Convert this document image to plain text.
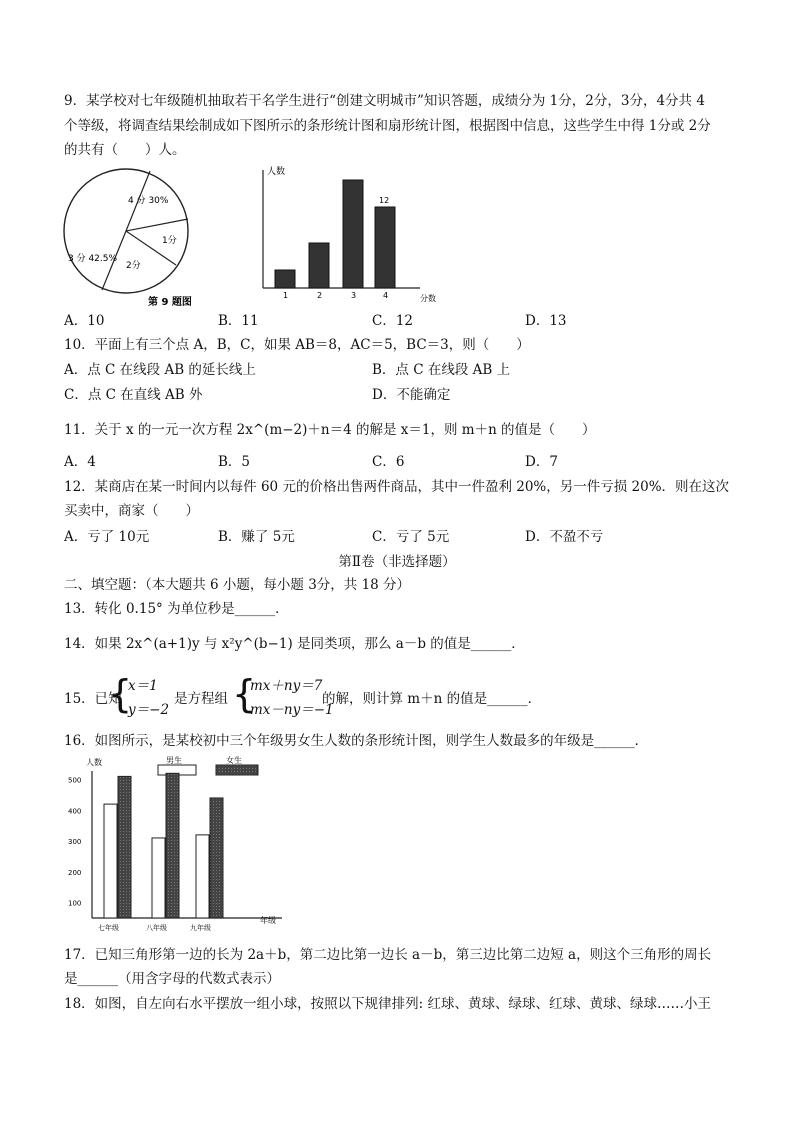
9．某学校对七年级随机抽取若干名学生进行“创建文明城市”知识答题，成绩分为 1分，2分，3分，4分共 4
个等级，将调查结果绘制成如下图所示的条形统计图和扇形统计图，根据图中信息，这些学生中得 1分或 2分
的共有（　　）人。
4 分 30%
3 分 42.5%
1分
2分
第 9 题图
人数
分数
1	2	3	4
12
A．10	B．11	C．12	D．13
10．平面上有三个点 A，B，C，如果 AB＝8，AC＝5，BC＝3，则（　　）
A．点 C 在线段 AB 的延长线上	B．点 C 在线段 AB 上
C．点 C 在直线 AB 外	D．不能确定
11．关于 x 的一元一次方程 2x^(m−2)＋n＝4 的解是 x＝1，则 m＋n 的值是（　　）
A．4	B．5	C．6	D．7
12．某商店在某一时间内以每件 60 元的价格出售两件商品，其中一件盈利 20%，另一件亏损 20%．则在这次
买卖中，商家（　　）
A．亏了 10元	B．赚了 5元	C．亏了 5元	D．不盈不亏
第Ⅱ卷（非选择题）
二、填空题：（本大题共 6 小题，每小题 3分，共 18 分）
13．转化 0.15° 为单位秒是______．
14．如果 2x^(a+1)y 与 x²y^(b−1) 是同类项，那么 a－b 的值是______．
15．已知
{
x＝1
y＝−2
是方程组 {
mx＋ny＝7
mx－ny＝−1
的解，则计算 m＋n 的值是______．
16．如图所示，是某校初中三个年级男女生人数的条形统计图，则学生人数最多的年级是______．
人数
年级
男生	女生
100
200
300
400
500
七年级	八年级	九年级
17．已知三角形第一边的长为 2a＋b，第二边比第一边长 a－b，第三边比第二边短 a，则这个三角形的周长
是______（用含字母的代数式表示）
18．如图，自左向右水平摆放一组小球，按照以下规律排列: 红球、黄球、绿球、红球、黄球、绿球……小王
